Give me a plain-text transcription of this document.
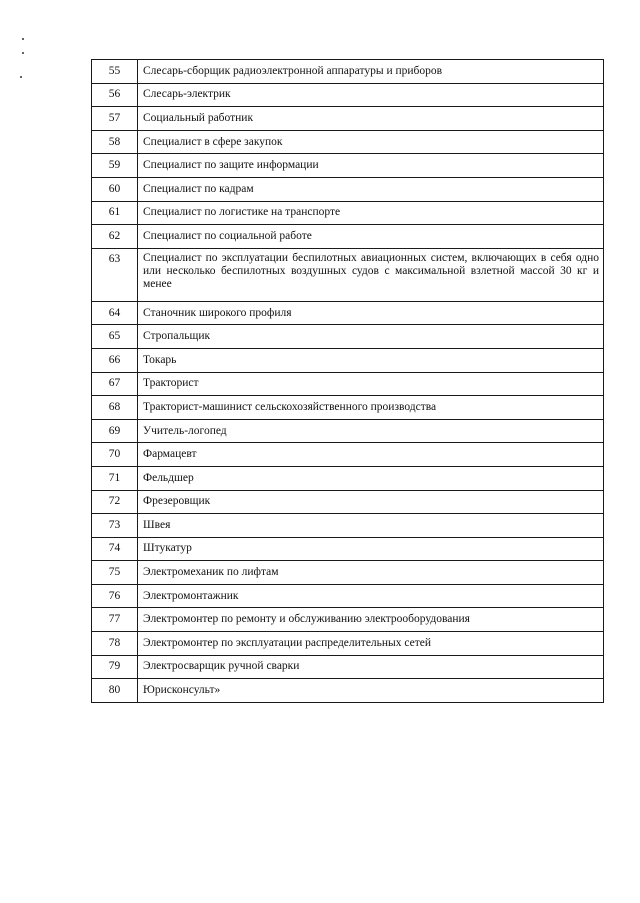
55	Слесарь-сборщик радиоэлектронной аппаратуры и приборов
56	Слесарь-электрик
57	Социальный работник
58	Специалист в сфере закупок
59	Специалист по защите информации
60	Специалист по кадрам
61	Специалист по логистике на транспорте
62	Специалист по социальной работе
63	Специалист по эксплуатации беспилотных авиационных систем, включающих в себя одно или несколько беспилотных воздушных судов с максимальной взлетной массой 30 кг и менее
64	Станочник широкого профиля
65	Стропальщик
66	Токарь
67	Тракторист
68	Тракторист-машинист сельскохозяйственного производства
69	Учитель-логопед
70	Фармацевт
71	Фельдшер
72	Фрезеровщик
73	Швея
74	Штукатур
75	Электромеханик по лифтам
76	Электромонтажник
77	Электромонтер по ремонту и обслуживанию электрооборудования
78	Электромонтер по эксплуатации распределительных сетей
79	Электросварщик ручной сварки
80	Юрисконсульт»
